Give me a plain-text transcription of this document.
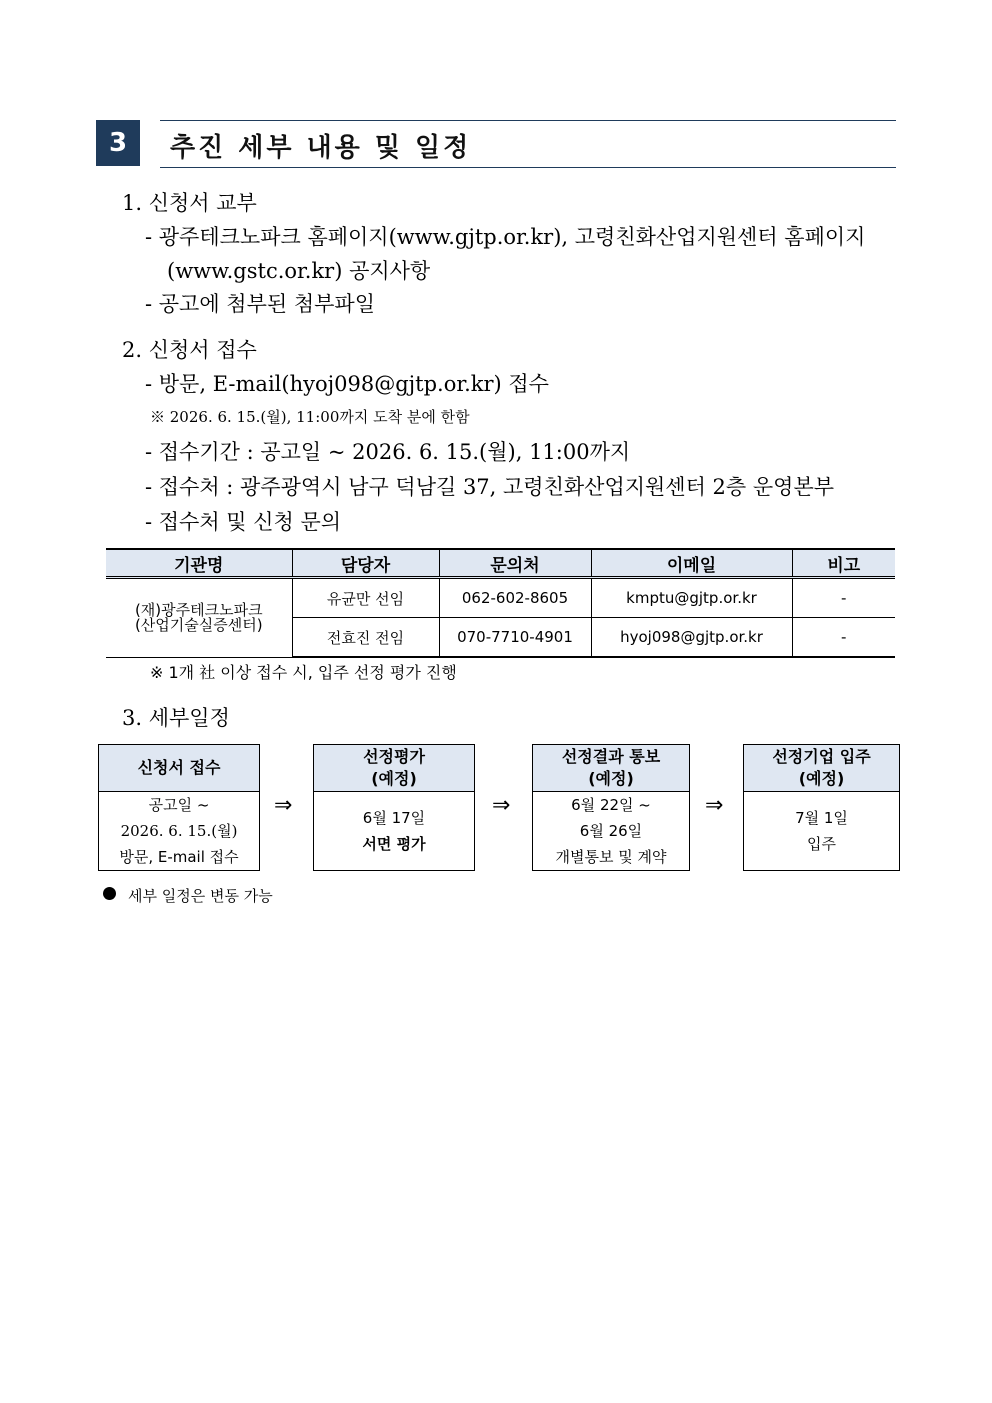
3	추진 세부 내용 및 일정
1. 신청서 교부
- 광주테크노파크 홈페이지(www.gjtp.or.kr), 고령친화산업지원센터 홈페이지
(www.gstc.or.kr) 공지사항
- 공고에 첨부된 첨부파일
2. 신청서 접수
- 방문, E-mail(hyoj098@gjtp.or.kr) 접수
※ 2026. 6. 15.(월), 11:00까지 도착 분에 한함
- 접수기간 : 공고일 ~ 2026. 6. 15.(월), 11:00까지
- 접수처 : 광주광역시 남구 덕남길 37, 고령친화산업지원센터 2층 운영본부
- 접수처 및 신청 문의
기관명	담당자	문의처	이메일	비고

(재)광주테크노파크
(산업기술실증센터)	유균만 선임	062-602-8605	kmptu@gjtp.or.kr	-
	전효진 전임	070-7710-4901	hyoj098@gjtp.or.kr	-
※ 1개 社 이상 접수 시, 입주 선정 평가 진행
3. 세부일정
신청서 접수
공고일 ~
2026. 6. 15.(월)
방문, E-mail 접수
⇒
선정평가
(예정)
6월 17일
서면 평가
⇒
선정결과 통보
(예정)
6월 22일 ~
6월 26일
개별통보 및 계약
⇒
선정기업 입주
(예정)
7월 1일
입주
세부 일정은 변동 가능
